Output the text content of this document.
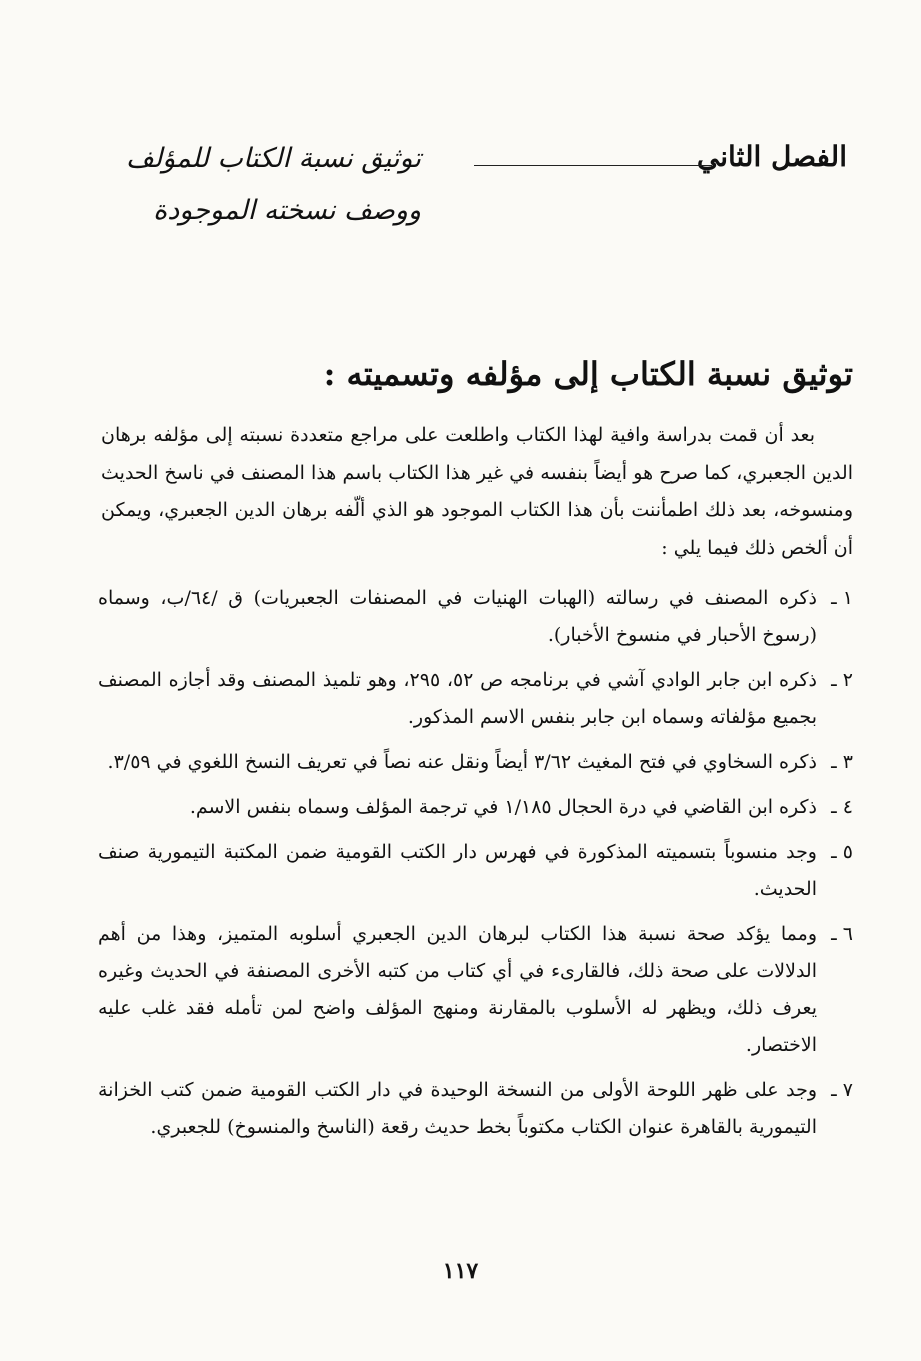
الفصل الثاني
توثيق نسبة الكتاب للمؤلف
ووصف نسخته الموجودة
توثيق نسبة الكتاب إلى مؤلفه وتسميته :

بعد أن قمت بدراسة وافية لهذا الكتاب واطلعت على مراجع متعددة نسبته إلى مؤلفه برهان الدين الجعبري، كما صرح هو أيضاً بنفسه في غير هذا الكتاب باسم هذا المصنف في ناسخ الحديث ومنسوخه، بعد ذلك اطمأننت بأن هذا الكتاب الموجود هو الذي ألّفه برهان الدين الجعبري، ويمكن أن ألخص ذلك فيما يلي :

١ ـ
ذكره المصنف في رسالته (الهبات الهنيات في المصنفات الجعبريات) ق /٦٤/ب، وسماه (رسوخ الأحبار في منسوخ الأخبار).
٢ ـ
ذكره ابن جابر الوادي آشي في برنامجه ص ٥٢، ٢٩٥، وهو تلميذ المصنف وقد أجازه المصنف بجميع مؤلفاته وسماه ابن جابر بنفس الاسم المذكور.
٣ ـ
ذكره السخاوي في فتح المغيث ٣/٦٢ أيضاً ونقل عنه نصاً في تعريف النسخ اللغوي في ٣/٥٩.
٤ ـ
ذكره ابن القاضي في درة الحجال ١/١٨٥ في ترجمة المؤلف وسماه بنفس الاسم.
٥ ـ
وجد منسوباً بتسميته المذكورة في فهرس دار الكتب القومية ضمن المكتبة التيمورية صنف الحديث.
٦ ـ
ومما يؤكد صحة نسبة هذا الكتاب لبرهان الدين الجعبري أسلوبه المتميز، وهذا من أهم الدلالات على صحة ذلك، فالقارىء في أي كتاب من كتبه الأخرى المصنفة في الحديث وغيره يعرف ذلك، ويظهر له الأسلوب بالمقارنة ومنهج المؤلف واضح لمن تأمله فقد غلب عليه الاختصار.
٧ ـ
وجد على ظهر اللوحة الأولى من النسخة الوحيدة في دار الكتب القومية ضمن كتب الخزانة التيمورية بالقاهرة عنوان الكتاب مكتوباً بخط حديث رقعة (الناسخ والمنسوخ) للجعبري.
١١٧
